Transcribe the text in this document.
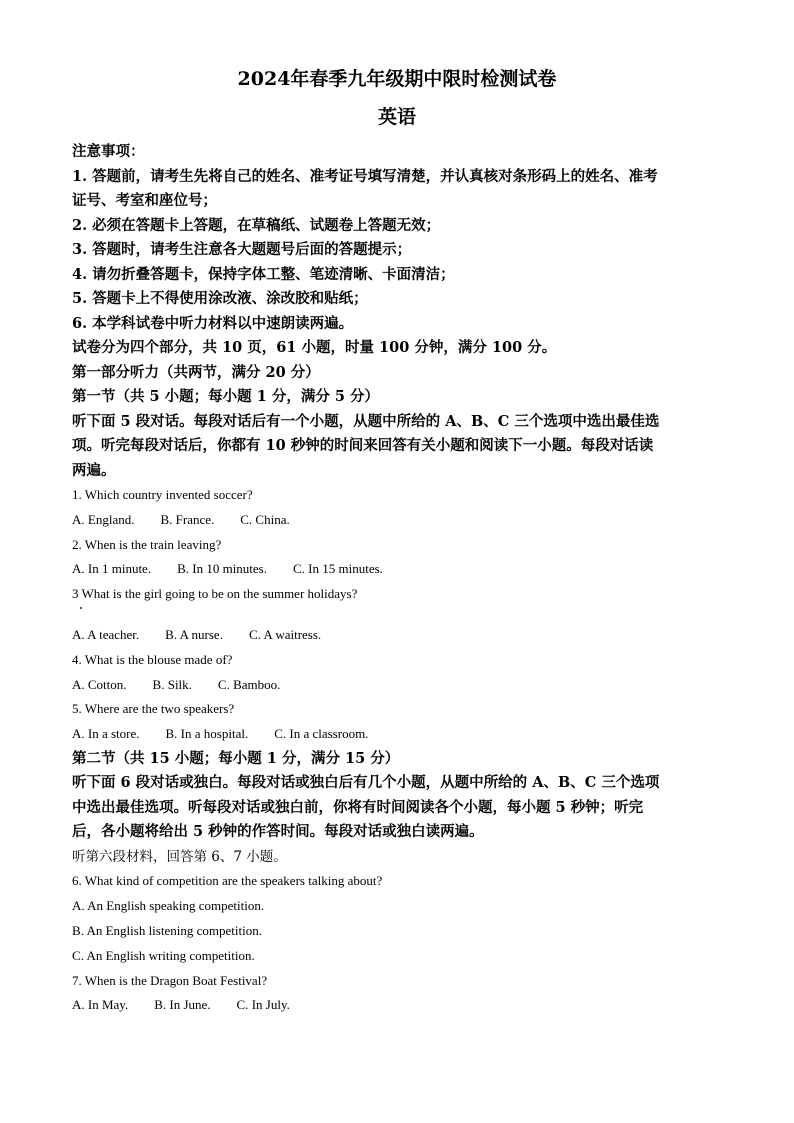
2024年春季九年级期中限时检测试卷
英语

注意事项：

1. 答题前，请考生先将自己的姓名、准考证号填写清楚，并认真核对条形码上的姓名、准考

证号、考室和座位号；

2. 必须在答题卡上答题，在草稿纸、试题卷上答题无效；

3. 答题时，请考生注意各大题题号后面的答题提示；

4. 请勿折叠答题卡，保持字体工整、笔迹清晰、卡面清洁；

5. 答题卡上不得使用涂改液、涂改胶和贴纸；

6. 本学科试卷中听力材料以中速朗读两遍。

试卷分为四个部分，共 10 页，61 小题，时量 100 分钟，满分 100 分。

第一部分听力（共两节，满分 20 分）

第一节（共 5 小题；每小题 1 分，满分 5 分）

听下面 5 段对话。每段对话后有一个小题，从题中所给的 A、B、C 三个选项中选出最佳选

项。听完每段对话后，你都有 10 秒钟的时间来回答有关小题和阅读下一小题。每段对话读

两遍。

1. Which country invented soccer?

A. England. B. France. C. China.

2. When is the train leaving?

A. In 1 minute. B. In 10 minutes. C. In 15 minutes.

3 What is the girl going to be on the summer holidays?

A. A teacher. B. A nurse. C. A waitress.

4. What is the blouse made of?

A. Cotton. B. Silk. C. Bamboo.

5. Where are the two speakers?

A. In a store. B. In a hospital. C. In a classroom.

第二节（共 15 小题；每小题 1 分，满分 15 分）

听下面 6 段对话或独白。每段对话或独白后有几个小题，从题中所给的 A、B、C 三个选项

中选出最佳选项。听每段对话或独白前，你将有时间阅读各个小题，每小题 5 秒钟；听完

后，各小题将给出 5 秒钟的作答时间。每段对话或独白读两遍。

听第六段材料，回答第 6、7 小题。

6. What kind of competition are the speakers talking about?

A. An English speaking competition.

B. An English listening competition.

C. An English writing competition.

7. When is the Dragon Boat Festival?

A. In May. B. In June. C. In July.
